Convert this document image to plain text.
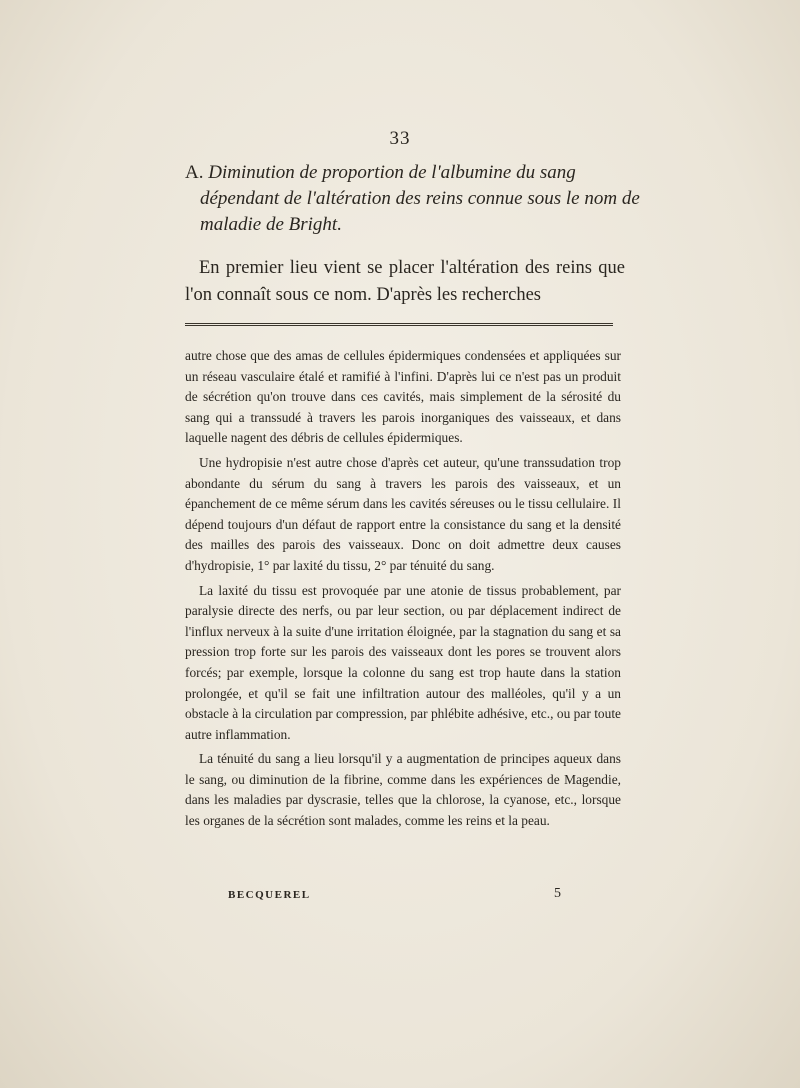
33
A. Diminution de proportion de l'albumine du sang dépendant de l'altération des reins connue sous le nom de maladie de Bright.
En premier lieu vient se placer l'altération des reins que l'on connaît sous ce nom. D'après les recherches

autre chose que des amas de cellules épidermiques condensées et appliquées sur un réseau vasculaire étalé et ramifié à l'infini. D'après lui ce n'est pas un produit de sécrétion qu'on trouve dans ces cavités, mais simplement de la sérosité du sang qui a transsudé à travers les parois inorganiques des vaisseaux, et dans laquelle nagent des débris de cellules épidermiques.

Une hydropisie n'est autre chose d'après cet auteur, qu'une transsudation trop abondante du sérum du sang à travers les parois des vaisseaux, et un épanchement de ce même sérum dans les cavités séreuses ou le tissu cellulaire. Il dépend toujours d'un défaut de rapport entre la consistance du sang et la densité des mailles des parois des vaisseaux. Donc on doit admettre deux causes d'hydropisie, 1° par laxité du tissu, 2° par ténuité du sang.

La laxité du tissu est provoquée par une atonie de tissus probablement, par paralysie directe des nerfs, ou par leur section, ou par déplacement indirect de l'influx nerveux à la suite d'une irritation éloignée, par la stagnation du sang et sa pression trop forte sur les parois des vaisseaux dont les pores se trouvent alors forcés; par exemple, lorsque la colonne du sang est trop haute dans la station prolongée, et qu'il se fait une infiltration autour des malléoles, qu'il y a un obstacle à la circulation par compression, par phlébite adhésive, etc., ou par toute autre inflammation.

La ténuité du sang a lieu lorsqu'il y a augmentation de principes aqueux dans le sang, ou diminution de la fibrine, comme dans les expériences de Magendie, dans les maladies par dyscrasie, telles que la chlorose, la cyanose, etc., lorsque les organes de la sécrétion sont malades, comme les reins et la peau.

BECQUEREL	5
